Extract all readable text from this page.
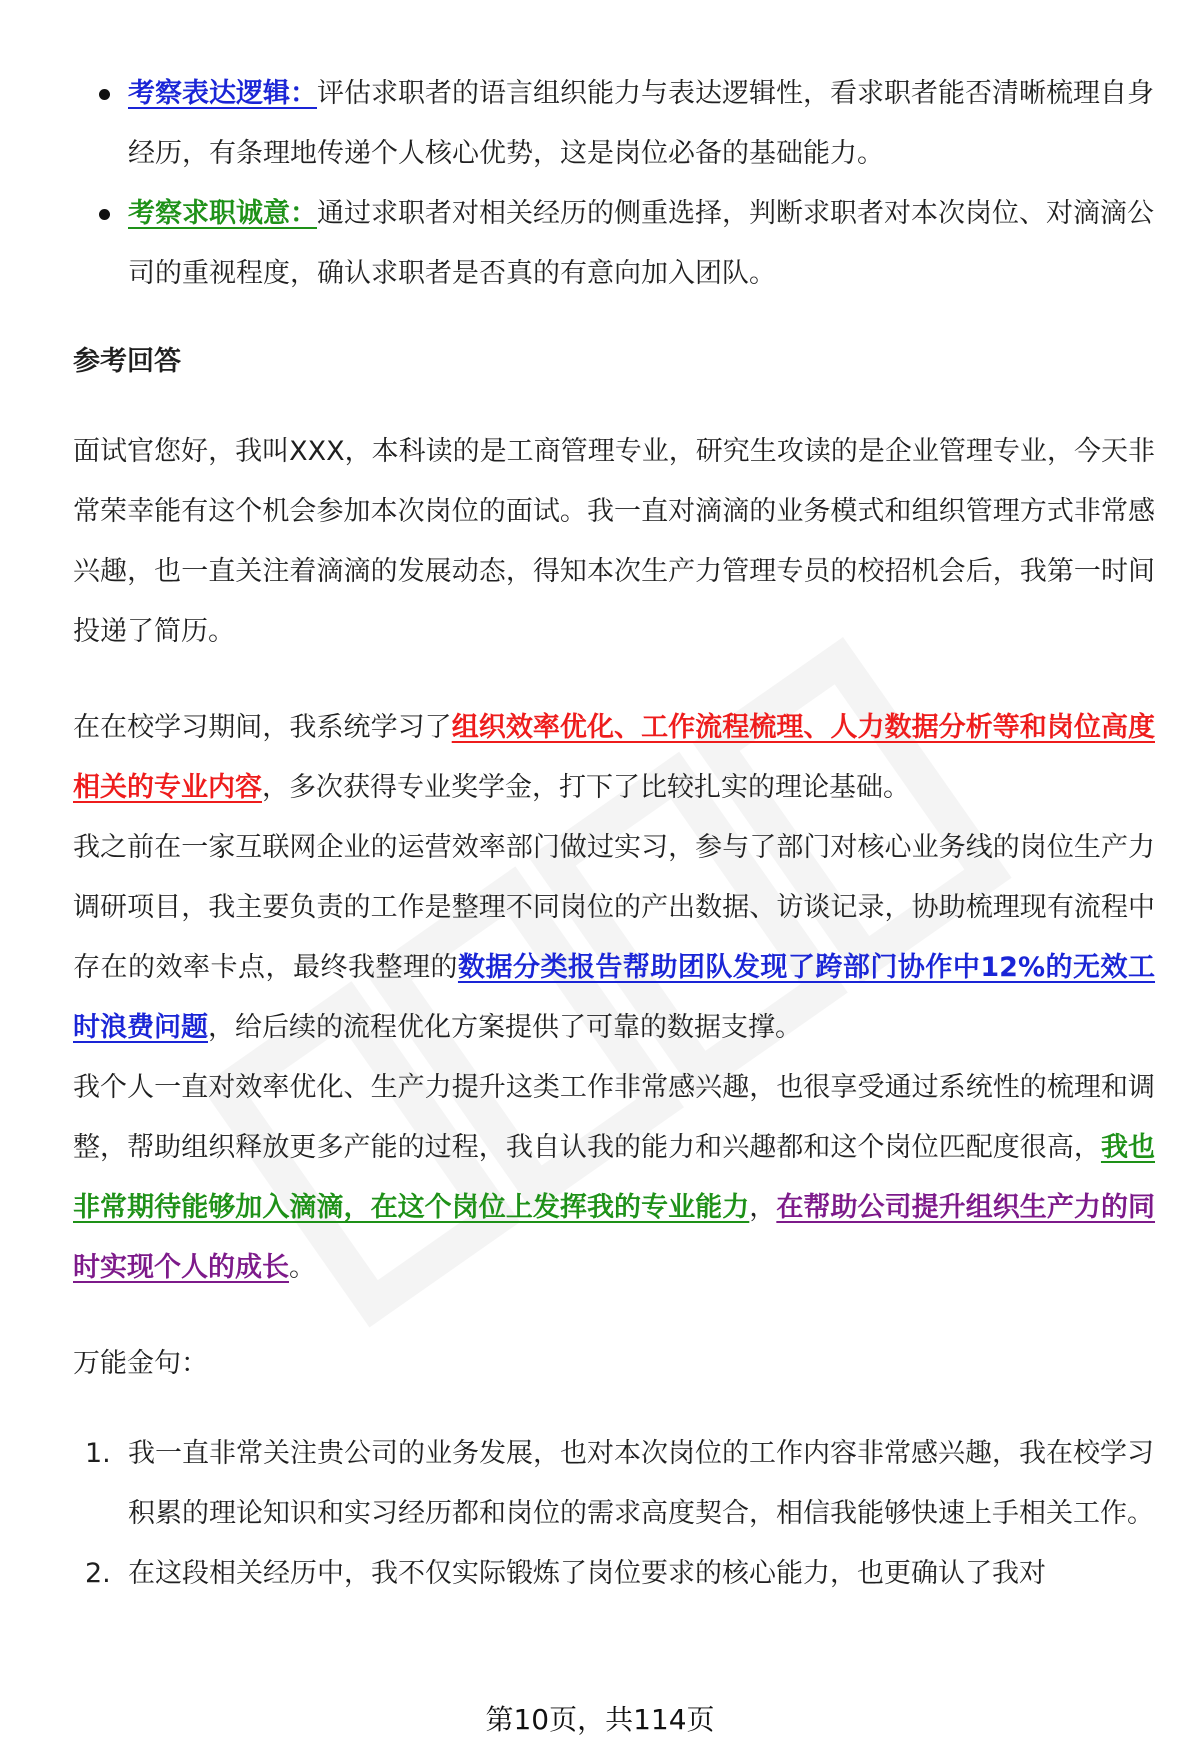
考察表达逻辑：评估求职者的语言组织能力与表达逻辑性，看求职者能否清晰梳理自身经历，有条理地传递个人核心优势，这是岗位必备的基础能力。
考察求职诚意：通过求职者对相关经历的侧重选择，判断求职者对本次岗位、对滴滴公司的重视程度，确认求职者是否真的有意向加入团队。
参考回答

面试官您好，我叫XXX，本科读的是工商管理专业，研究生攻读的是企业管理专业，今天非常荣幸能有这个机会参加本次岗位的面试。我一直对滴滴的业务模式和组织管理方式非常感兴趣，也一直关注着滴滴的发展动态，得知本次生产力管理专员的校招机会后，我第一时间投递了简历。

在在校学习期间，我系统学习了组织效率优化、工作流程梳理、人力数据分析等和岗位高度相关的专业内容，多次获得专业奖学金，打下了比较扎实的理论基础。

我之前在一家互联网企业的运营效率部门做过实习，参与了部门对核心业务线的岗位生产力调研项目，我主要负责的工作是整理不同岗位的产出数据、访谈记录，协助梳理现有流程中存在的效率卡点，最终我整理的数据分类报告帮助团队发现了跨部门协作中12%的无效工时浪费问题，给后续的流程优化方案提供了可靠的数据支撑。

我个人一直对效率优化、生产力提升这类工作非常感兴趣，也很享受通过系统性的梳理和调整，帮助组织释放更多产能的过程，我自认我的能力和兴趣都和这个岗位匹配度很高，我也非常期待能够加入滴滴，在这个岗位上发挥我的专业能力，在帮助公司提升组织生产力的同时实现个人的成长。

万能金句：

1. 我一直非常关注贵公司的业务发展，也对本次岗位的工作内容非常感兴趣，我在校学习积累的理论知识和实习经历都和岗位的需求高度契合，相信我能够快速上手相关工作。
2. 在这段相关经历中，我不仅实际锻炼了岗位要求的核心能力，也更确认了我对
第10页，共114页
